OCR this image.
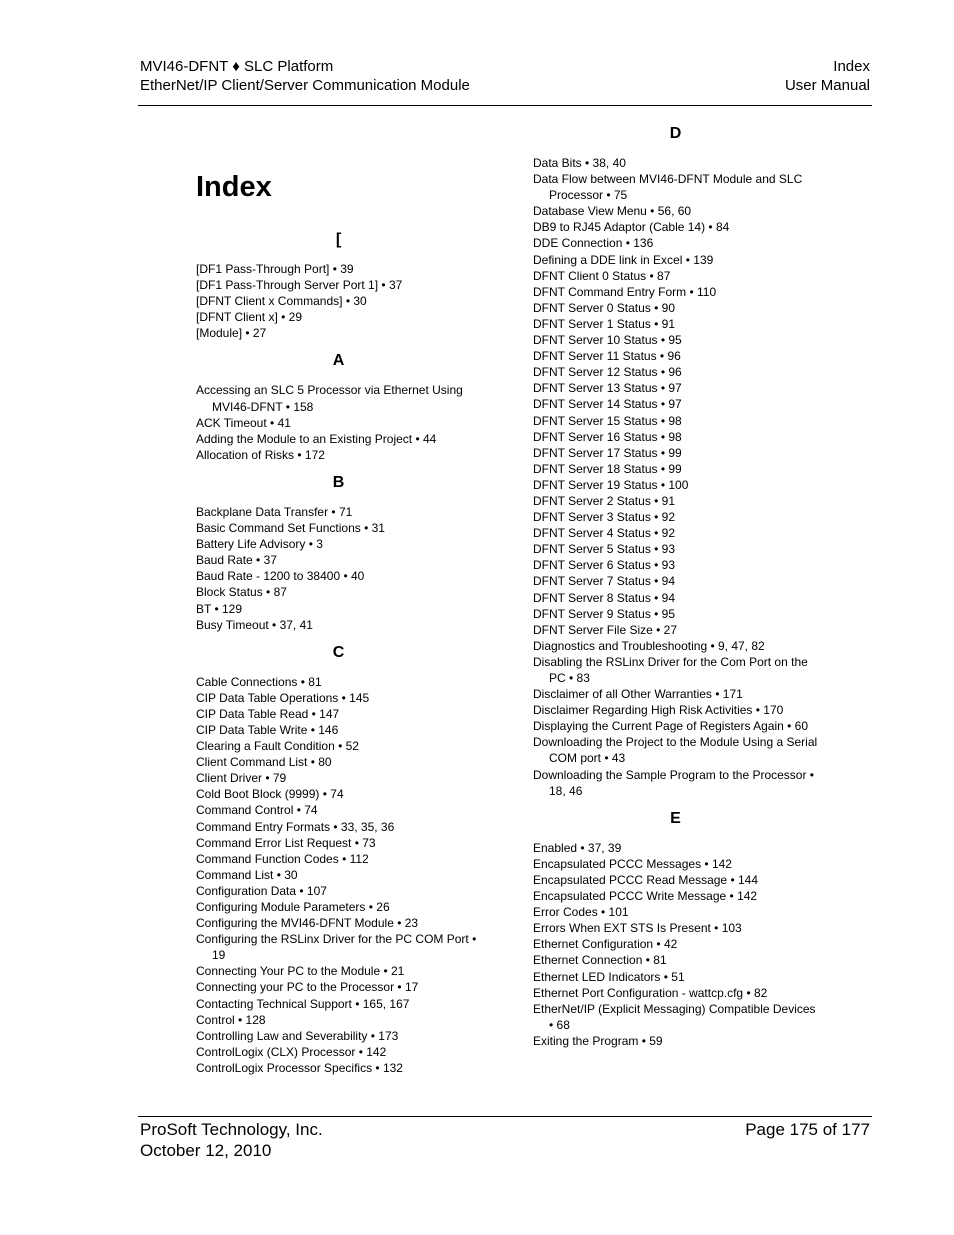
MVI46-DFNT ♦ SLC Platform
EtherNet/IP Client/Server Communication Module
Index
User Manual
Index
[
[DF1 Pass-Through Port] • 39
[DF1 Pass-Through Server Port 1] • 37
[DFNT Client x Commands] • 30
[DFNT Client x] • 29
[Module] • 27
A
Accessing an SLC 5 Processor via Ethernet Using MVI46-DFNT • 158
ACK Timeout • 41
Adding the Module to an Existing Project • 44
Allocation of Risks • 172
B
Backplane Data Transfer • 71
Basic Command Set Functions • 31
Battery Life Advisory • 3
Baud Rate • 37
Baud Rate - 1200 to 38400 • 40
Block Status • 87
BT • 129
Busy Timeout • 37, 41
C
Cable Connections • 81
CIP Data Table Operations • 145
CIP Data Table Read • 147
CIP Data Table Write • 146
Clearing a Fault Condition • 52
Client Command List • 80
Client Driver • 79
Cold Boot Block (9999) • 74
Command Control • 74
Command Entry Formats • 33, 35, 36
Command Error List Request • 73
Command Function Codes • 112
Command List • 30
Configuration Data • 107
Configuring Module Parameters • 26
Configuring the MVI46-DFNT Module • 23
Configuring the RSLinx Driver for the PC COM Port • 19
Connecting Your PC to the Module • 21
Connecting your PC to the Processor • 17
Contacting Technical Support • 165, 167
Control • 128
Controlling Law and Severability • 173
ControlLogix (CLX) Processor • 142
ControlLogix Processor Specifics • 132
D
Data Bits • 38, 40
Data Flow between MVI46-DFNT Module and SLC Processor • 75
Database View Menu • 56, 60
DB9 to RJ45 Adaptor (Cable 14) • 84
DDE Connection • 136
Defining a DDE link in Excel • 139
DFNT Client 0 Status • 87
DFNT Command Entry Form • 110
DFNT Server 0 Status • 90
DFNT Server 1 Status • 91
DFNT Server 10 Status • 95
DFNT Server 11 Status • 96
DFNT Server 12 Status • 96
DFNT Server 13 Status • 97
DFNT Server 14 Status • 97
DFNT Server 15 Status • 98
DFNT Server 16 Status • 98
DFNT Server 17 Status • 99
DFNT Server 18 Status • 99
DFNT Server 19 Status • 100
DFNT Server 2 Status • 91
DFNT Server 3 Status • 92
DFNT Server 4 Status • 92
DFNT Server 5 Status • 93
DFNT Server 6 Status • 93
DFNT Server 7 Status • 94
DFNT Server 8 Status • 94
DFNT Server 9 Status • 95
DFNT Server File Size • 27
Diagnostics and Troubleshooting • 9, 47, 82
Disabling the RSLinx Driver for the Com Port on the PC • 83
Disclaimer of all Other Warranties • 171
Disclaimer Regarding High Risk Activities • 170
Displaying the Current Page of Registers Again • 60
Downloading the Project to the Module Using a Serial COM port • 43
Downloading the Sample Program to the Processor • 18, 46
E
Enabled • 37, 39
Encapsulated PCCC Messages • 142
Encapsulated PCCC Read Message • 144
Encapsulated PCCC Write Message • 142
Error Codes • 101
Errors When EXT STS Is Present • 103
Ethernet Configuration • 42
Ethernet Connection • 81
Ethernet LED Indicators • 51
Ethernet Port Configuration - wattcp.cfg • 82
EtherNet/IP (Explicit Messaging) Compatible Devices • 68
Exiting the Program • 59
ProSoft Technology, Inc.
October 12, 2010
Page 175 of 177
